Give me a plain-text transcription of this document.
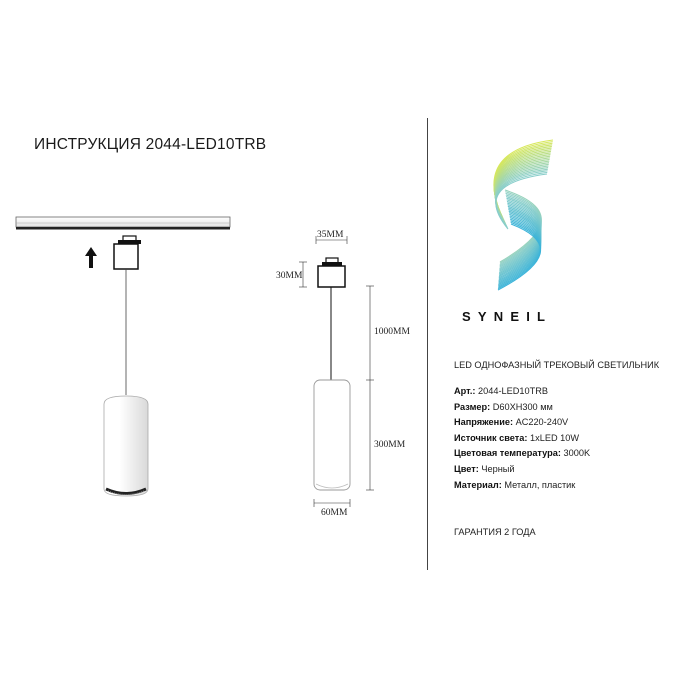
ИНСТРУКЦИЯ 2044-LED10TRB
35MM
30MM
1000MM
300MM
60MM
SYNEIL
LED ОДНОФАЗНЫЙ ТРЕКОВЫЙ СВЕТИЛЬНИК
Арт.: 2044-LED10TRB
Размер: D60XH300 мм
Напряжение: AC220-240V
Источник света: 1xLED 10W
Цветовая температура: 3000K
Цвет: Черный
Материал: Металл, пластик
ГАРАНТИЯ 2 ГОДА
